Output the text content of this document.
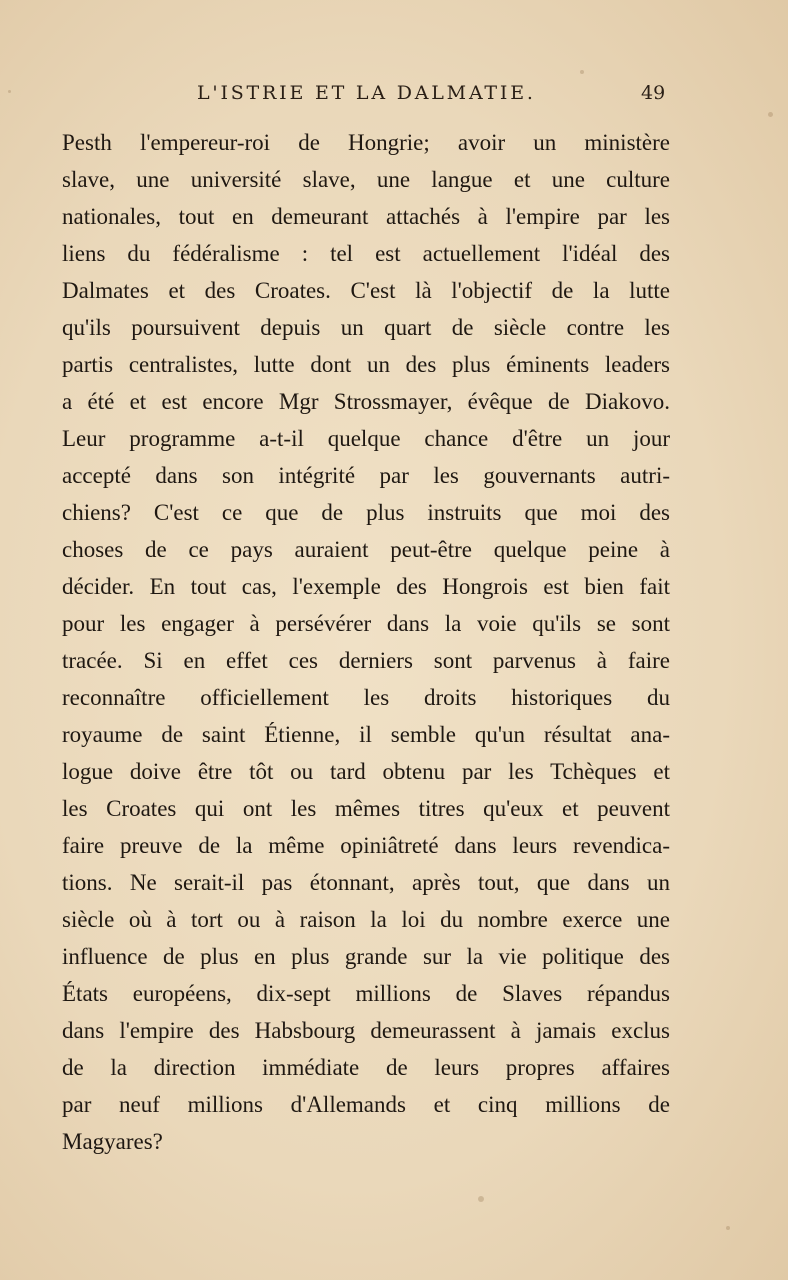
L'ISTRIE ET LA DALMATIE.	49
Pesth l'empereur-roi de Hongrie; avoir un ministère
slave, une université slave, une langue et une culture
nationales, tout en demeurant attachés à l'empire par les
liens du fédéralisme : tel est actuellement l'idéal des
Dalmates et des Croates. C'est là l'objectif de la lutte
qu'ils poursuivent depuis un quart de siècle contre les
partis centralistes, lutte dont un des plus éminents leaders
a été et est encore Mgr Strossmayer, évêque de Diakovo.
Leur programme a-t-il quelque chance d'être un jour
accepté dans son intégrité par les gouvernants autri-
chiens? C'est ce que de plus instruits que moi des
choses de ce pays auraient peut-être quelque peine à
décider. En tout cas, l'exemple des Hongrois est bien fait
pour les engager à persévérer dans la voie qu'ils se sont
tracée. Si en effet ces derniers sont parvenus à faire
reconnaître officiellement les droits historiques du
royaume de saint Étienne, il semble qu'un résultat ana-
logue doive être tôt ou tard obtenu par les Tchèques et
les Croates qui ont les mêmes titres qu'eux et peuvent
faire preuve de la même opiniâtreté dans leurs revendica-
tions. Ne serait-il pas étonnant, après tout, que dans un
siècle où à tort ou à raison la loi du nombre exerce une
influence de plus en plus grande sur la vie politique des
États européens, dix-sept millions de Slaves répandus
dans l'empire des Habsbourg demeurassent à jamais exclus
de la direction immédiate de leurs propres affaires
par neuf millions d'Allemands et cinq millions de
Magyares?
